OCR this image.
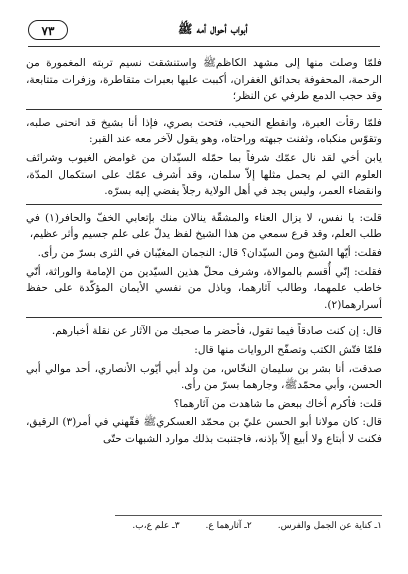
أبواب أحوال أمه ﷺ
٧٣

فلمّا وصلت منها إلى مشهد الكاظمﷺ واستنشقت نسيم تربته المغمورة من الرحمة، المحفوفة بحدائق الغفران، أكببت عليها بعبرات متقاطرة، وزفرات متتابعة، وقد حجب الدمع طرفي عن النظر؛

فلمّا رقأت العبرة، وانقطع النحيب، فتحت بصري، فإذا أنا بشيخ قد انحنى صلبه، وتقوّس منكباه، وثفنت جبهته وراحتاه، وهو يقول لآخر معه عند القبر:

يابن أخي لقد نال عمّك شرفاً بما حمّله السيّدان من غوامض الغيوب وشرائف العلوم التي لم يحمل مثلها إلاّ سلمان، وقد أشرف عمّك على استكمال المدّة، وانقضاء العمر، وليس يجد في أهل الولاية رجلاً يفضي إليه بسرّه.

قلت: يا نفس، لا يزال العناء والمشقّة ينالان منك بإتعابي الخفّ والحافر(١) في طلب العلم، وقد قرع سمعي من هذا الشيخ لفظ يدلّ على علم جسيم وأثر عظيم،

فقلت: أيّها الشيخ ومن السيّدان؟ قال: النجمان المغيّبان في الثرى بسرّ من رأى.

فقلت: إنّي أُقسم بالموالاة، وشرف محلّ هذين السيّدين من الإمامة والوراثة، أنّي خاطب علمهما، وطالب آثارهما، وباذل من نفسي الأيمان المؤكّدة على حفظ أسرارهما(٢).

قال: إن كنت صادقاً فيما تقول، فأحضر ما صحبك من الآثار عن نقلة أخبارهم.

فلمّا فتّش الكتب وتصفّح الروايات منها قال:

صدقت، أنا بشر بن سليمان النخّاس، من ولد أبي أيّوب الأنصاري، أحد موالي أبي الحسن، وأبي محمّدﷺ، وجارهما بسرّ من رأى.

قلت: فأكرم أخاك ببعض ما شاهدت من آثارهما؟

قال: كان مولانا أبو الحسن عليّ بن محمّد العسكريﷺ فقّهني في أمر(٣) الرقيق، فكنت لا أبتاع ولا أبيع إلاّ بإذنه، فاجتنبت بذلك موارد الشبهات حتّى

١ـ كناية عن الجمل والفرس.
٢ـ آثارهما ع.
٣ـ علم ع،ب.
